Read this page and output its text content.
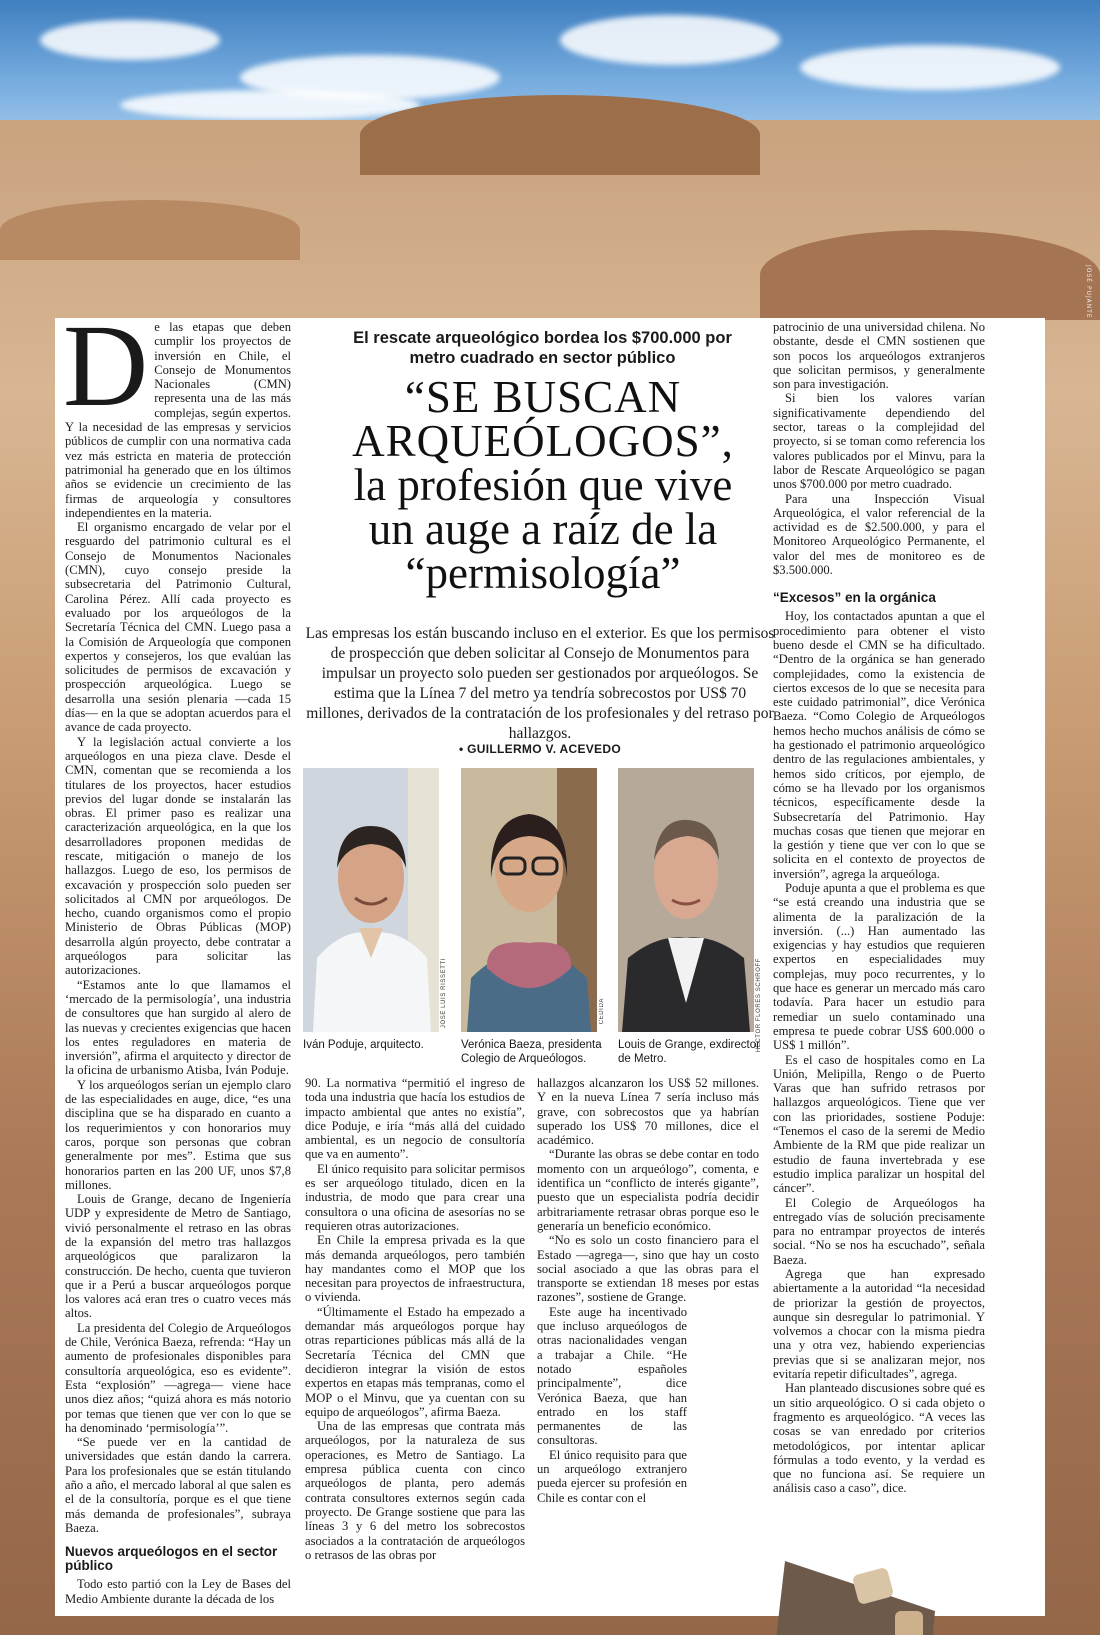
JOSÉ PUJANTE

De las etapas que deben cumplir los proyectos de inversión en Chile, el Consejo de Monumentos Nacionales (CMN) representa una de las más complejas, según expertos. Y la necesidad de las empresas y servicios públicos de cumplir con una normativa cada vez más estricta en materia de protección patrimonial ha generado que en los últimos años se evidencie un crecimiento de las firmas de arqueología y consultores independientes en la materia.

El organismo encargado de velar por el resguardo del patrimonio cultural es el Consejo de Monumentos Nacionales (CMN), cuyo consejo preside la subsecretaria del Patrimonio Cultural, Carolina Pérez. Allí cada proyecto es evaluado por los arqueólogos de la Secretaría Técnica del CMN. Luego pasa a la Comisión de Arqueología que componen expertos y consejeros, los que evalúan las solicitudes de permisos de excavación y prospección arqueológica. Luego se desarrolla una sesión plenaria —cada 15 días— en la que se adoptan acuerdos para el avance de cada proyecto.

Y la legislación actual convierte a los arqueólogos en una pieza clave. Desde el CMN, comentan que se recomienda a los titulares de los proyectos, hacer estudios previos del lugar donde se instalarán las obras. El primer paso es realizar una caracterización arqueológica, en la que los desarrolladores proponen medidas de rescate, mitigación o manejo de los hallazgos. Luego de eso, los permisos de excavación y prospección solo pueden ser solicitados al CMN por arqueólogos. De hecho, cuando organismos como el propio Ministerio de Obras Públicas (MOP) desarrolla algún proyecto, debe contratar a arqueólogos para solicitar las autorizaciones.

“Estamos ante lo que llamamos el ‘mercado de la permisología’, una industria de consultores que han surgido al alero de las nuevas y crecientes exigencias que hacen los entes reguladores en materia de inversión”, afirma el arquitecto y director de la oficina de urbanismo Atisba, Iván Poduje.

Y los arqueólogos serían un ejemplo claro de las especialidades en auge, dice, “es una disciplina que se ha disparado en cuanto a los requerimientos y con honorarios muy caros, porque son personas que cobran generalmente por mes”. Estima que sus honorarios parten en las 200 UF, unos $7,8 millones.

Louis de Grange, decano de Ingeniería UDP y expresidente de Metro de Santiago, vivió personalmente el retraso en las obras de la expansión del metro tras hallazgos arqueológicos que paralizaron la construcción. De hecho, cuenta que tuvieron que ir a Perú a buscar arqueólogos porque los valores acá eran tres o cuatro veces más altos.

La presidenta del Colegio de Arqueólogos de Chile, Verónica Baeza, refrenda: “Hay un aumento de profesionales disponibles para consultoría arqueológica, eso es evidente”. Esta “explosión” —agrega— viene hace unos diez años; “quizá ahora es más notorio por temas que tienen que ver con lo que se ha denominado ‘permisología’”.

“Se puede ver en la cantidad de universidades que están dando la carrera. Para los profesionales que se están titulando año a año, el mercado laboral al que salen es el de la consultoría, porque es el que tiene más demanda de profesionales”, subraya Baeza.

Nuevos arqueólogos en el sector público

Todo esto partió con la Ley de Bases del Medio Ambiente durante la década de los

El rescate arqueológico bordea los $700.000 por metro cuadrado en sector público
“SE BUSCAN
ARQUEÓLOGOS”,
la profesión que vive
un auge a raíz de la
“permisología”
Las empresas los están buscando incluso en el exterior. Es que los permisos de prospección que deben solicitar al Consejo de Monumentos para impulsar un proyecto solo pueden ser gestionados por arqueólogos. Se estima que la Línea 7 del metro ya tendría sobrecostos por US$ 70 millones, derivados de la contratación de los profesionales y del retraso por hallazgos.
• GUILLERMO V. ACEVEDO
JOSÉ LUIS RISSETTI
Iván Poduje, arquitecto.
CEDIDA
Verónica Baeza, presidenta Colegio de Arqueólogos.
HÉCTOR FLORES SCHROFF
Louis de Grange, exdirector de Metro.

90. La normativa “permitió el ingreso de toda una industria que hacía los estudios de impacto ambiental que antes no existía”, dice Poduje, e iría “más allá del cuidado ambiental, es un negocio de consultoría que va en aumento”.

El único requisito para solicitar permisos es ser arqueólogo titulado, dicen en la industria, de modo que para crear una consultora o una oficina de asesorías no se requieren otras autorizaciones.

En Chile la empresa privada es la que más demanda arqueólogos, pero también hay mandantes como el MOP que los necesitan para proyectos de infraestructura, o vivienda.

“Últimamente el Estado ha empezado a demandar más arqueólogos porque hay otras reparticiones públicas más allá de la Secretaría Técnica del CMN que decidieron integrar la visión de estos expertos en etapas más tempranas, como el MOP o el Minvu, que ya cuentan con su equipo de arqueólogos”, afirma Baeza.

Una de las empresas que contrata más arqueólogos, por la naturaleza de sus operaciones, es Metro de Santiago. La empresa pública cuenta con cinco arqueólogos de planta, pero además contrata consultores externos según cada proyecto. De Grange sostiene que para las líneas 3 y 6 del metro los sobrecostos asociados a la contratación de arqueólogos o retrasos de las obras por

hallazgos alcanzaron los US$ 52 millones. Y en la nueva Línea 7 sería incluso más grave, con sobrecostos que ya habrían superado los US$ 70 millones, dice el académico.

“Durante las obras se debe contar en todo momento con un arqueólogo”, comenta, e identifica un “conflicto de interés gigante”, puesto que un especialista podría decidir arbitrariamente retrasar obras porque eso le generaría un beneficio económico.

“No es solo un costo financiero para el Estado —agrega—, sino que hay un costo social asociado a que las obras para el transporte se extiendan 18 meses por estas razones”, sostiene de Grange.

Este auge ha incentivado que incluso arqueólogos de otras nacionalidades vengan a trabajar a Chile. “He notado españoles principalmente”, dice Verónica Baeza, que han entrado en los staff permanentes de las consultoras.

El único requisito para que un arqueólogo extranjero pueda ejercer su profesión en Chile es contar con el

patrocinio de una universidad chilena. No obstante, desde el CMN sostienen que son pocos los arqueólogos extranjeros que solicitan permisos, y generalmente son para investigación.

Si bien los valores varían significativamente dependiendo del sector, tareas o la complejidad del proyecto, si se toman como referencia los valores publicados por el Minvu, para la labor de Rescate Arqueológico se pagan unos $700.000 por metro cuadrado.

Para una Inspección Visual Arqueológica, el valor referencial de la actividad es de $2.500.000, y para el Monitoreo Arqueológico Permanente, el valor del mes de monitoreo es de $3.500.000.

“Excesos” en la orgánica

Hoy, los contactados apuntan a que el procedimiento para obtener el visto bueno desde el CMN se ha dificultado. “Dentro de la orgánica se han generado complejidades, como la existencia de ciertos excesos de lo que se necesita para este cuidado patrimonial”, dice Verónica Baeza. “Como Colegio de Arqueólogos hemos hecho muchos análisis de cómo se ha gestionado el patrimonio arqueológico dentro de las regulaciones ambientales, y hemos sido críticos, por ejemplo, de cómo se ha llevado por los organismos técnicos, específicamente desde la Subsecretaría del Patrimonio. Hay muchas cosas que tienen que mejorar en la gestión y tiene que ver con lo que se solicita en el contexto de proyectos de inversión”, agrega la arqueóloga.

Poduje apunta a que el problema es que “se está creando una industria que se alimenta de la paralización de la inversión. (...) Han aumentado las exigencias y hay estudios que requieren expertos en especialidades muy complejas, muy poco recurrentes, y lo que hace es generar un mercado más caro todavía. Para hacer un estudio para remediar un suelo contaminado una empresa te puede cobrar US$ 600.000 o US$ 1 millón”.

Es el caso de hospitales como en La Unión, Melipilla, Rengo o de Puerto Varas que han sufrido retrasos por hallazgos arqueológicos. Tiene que ver con las prioridades, sostiene Poduje: “Tenemos el caso de la seremi de Medio Ambiente de la RM que pide realizar un estudio de fauna invertebrada y ese estudio implica paralizar un hospital del cáncer”.

El Colegio de Arqueólogos ha entregado vías de solución precisamente para no entrampar proyectos de interés social. “No se nos ha escuchado”, señala Baeza.

Agrega que han expresado abiertamente a la autoridad “la necesidad de priorizar la gestión de proyectos, aunque sin desregular lo patrimonial. Y volvemos a chocar con la misma piedra una y otra vez, habiendo experiencias previas que si se analizaran mejor, nos evitaría repetir dificultades”, agrega.

Han planteado discusiones sobre qué es un sitio arqueológico. O si cada objeto o fragmento es arqueológico. “A veces las cosas se van enredado por criterios metodológicos, por intentar aplicar fórmulas a todo evento, y la verdad es que no funciona así. Se requiere un análisis caso a caso”, dice.
